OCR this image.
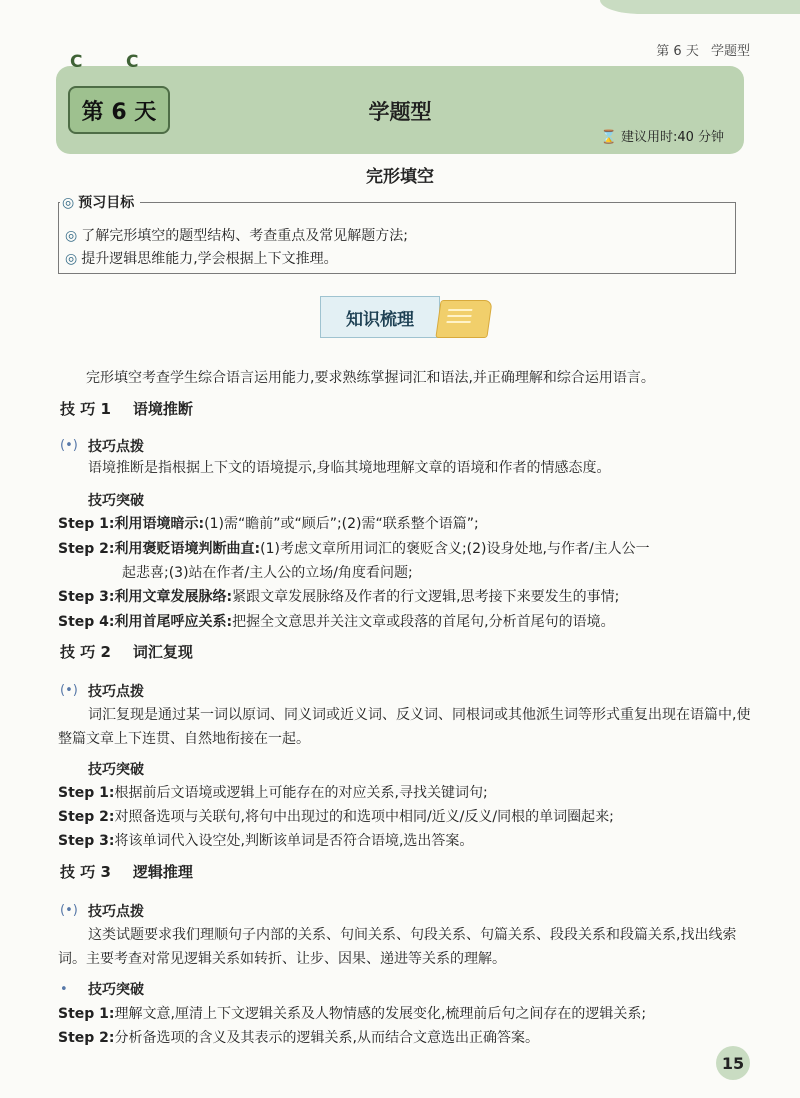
第 6 天 学题型
C	C
第 6 天	学题型
⌛ 建议用时:40 分钟
完形填空
◎ 了解完形填空的题型结构、考查重点及常见解题方法;
◎ 提升逻辑思维能力,学会根据上下文推理。
◎ 预习目标
知识梳理
完形填空考查学生综合语言运用能力,要求熟练掌握词汇和语法,并正确理解和综合运用语言。
技 巧 1 语境推断
(•) 技巧点拨
语境推断是指根据上下文的语境提示,身临其境地理解文章的语境和作者的情感态度。
技巧突破
Step 1:利用语境暗示:(1)需“瞻前”或“顾后”;(2)需“联系整个语篇”;
Step 2:利用褒贬语境判断曲直:(1)考虑文章所用词汇的褒贬含义;(2)设身处地,与作者/主人公一
起悲喜;(3)站在作者/主人公的立场/角度看问题;
Step 3:利用文章发展脉络:紧跟文章发展脉络及作者的行文逻辑,思考接下来要发生的事情;
Step 4:利用首尾呼应关系:把握全文意思并关注文章或段落的首尾句,分析首尾句的语境。
技 巧 2 词汇复现
(•) 技巧点拨
词汇复现是通过某一词以原词、同义词或近义词、反义词、同根词或其他派生词等形式重复出现在语篇中,使整篇文章上下连贯、自然地衔接在一起。
技巧突破
Step 1:根据前后文语境或逻辑上可能存在的对应关系,寻找关键词句;
Step 2:对照备选项与关联句,将句中出现过的和选项中相同/近义/反义/同根的单词圈起来;
Step 3:将该单词代入设空处,判断该单词是否符合语境,选出答案。
技 巧 3 逻辑推理
(•) 技巧点拨
这类试题要求我们理顺句子内部的关系、句间关系、句段关系、句篇关系、段段关系和段篇关系,找出线索词。主要考查对常见逻辑关系如转折、让步、因果、递进等关系的理解。
• 技巧突破
Step 1:理解文意,厘清上下文逻辑关系及人物情感的发展变化,梳理前后句之间存在的逻辑关系;
Step 2:分析备选项的含义及其表示的逻辑关系,从而结合文意选出正确答案。
15
